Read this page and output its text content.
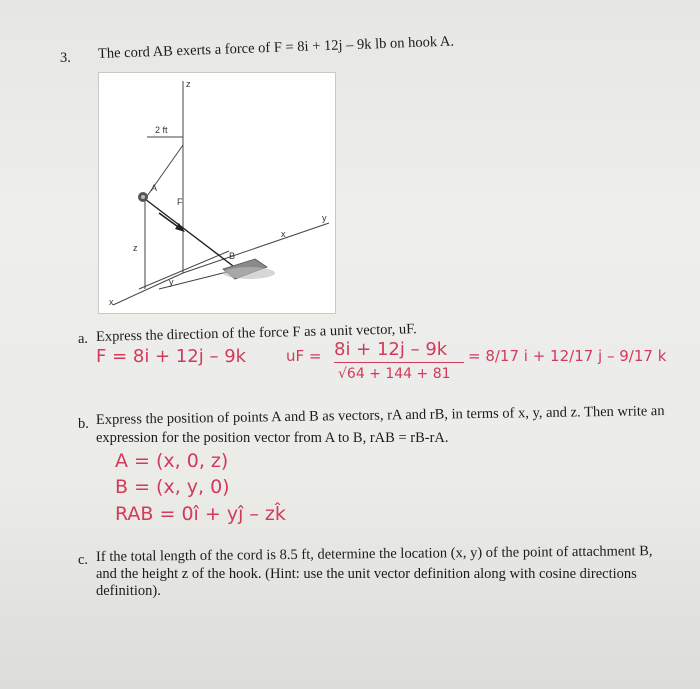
3. The cord AB exerts a force of F = 8i + 12j – 9k lb on hook A.
z
y
x
2 ft
A
F
B
z
y
x
a. Express the direction of the force F as a unit vector, uF.
F = 8i + 12j – 9k	uF = 8i + 12j – 9k
√64 + 144 + 81
= 8/17 i + 12/17 j – 9/17 k
b. Express the position of points A and B as vectors, rA and rB, in terms of x, y, and z. Then write an
expression for the position vector from A to B, rAB = rB-rA.
A = (x, 0, z)
B = (x, y, 0)
RAB = 0î + yĵ – zk̂
c. If the total length of the cord is 8.5 ft, determine the location (x, y) of the point of attachment B,
and the height z of the hook. (Hint: use the unit vector definition along with cosine directions
definition).
